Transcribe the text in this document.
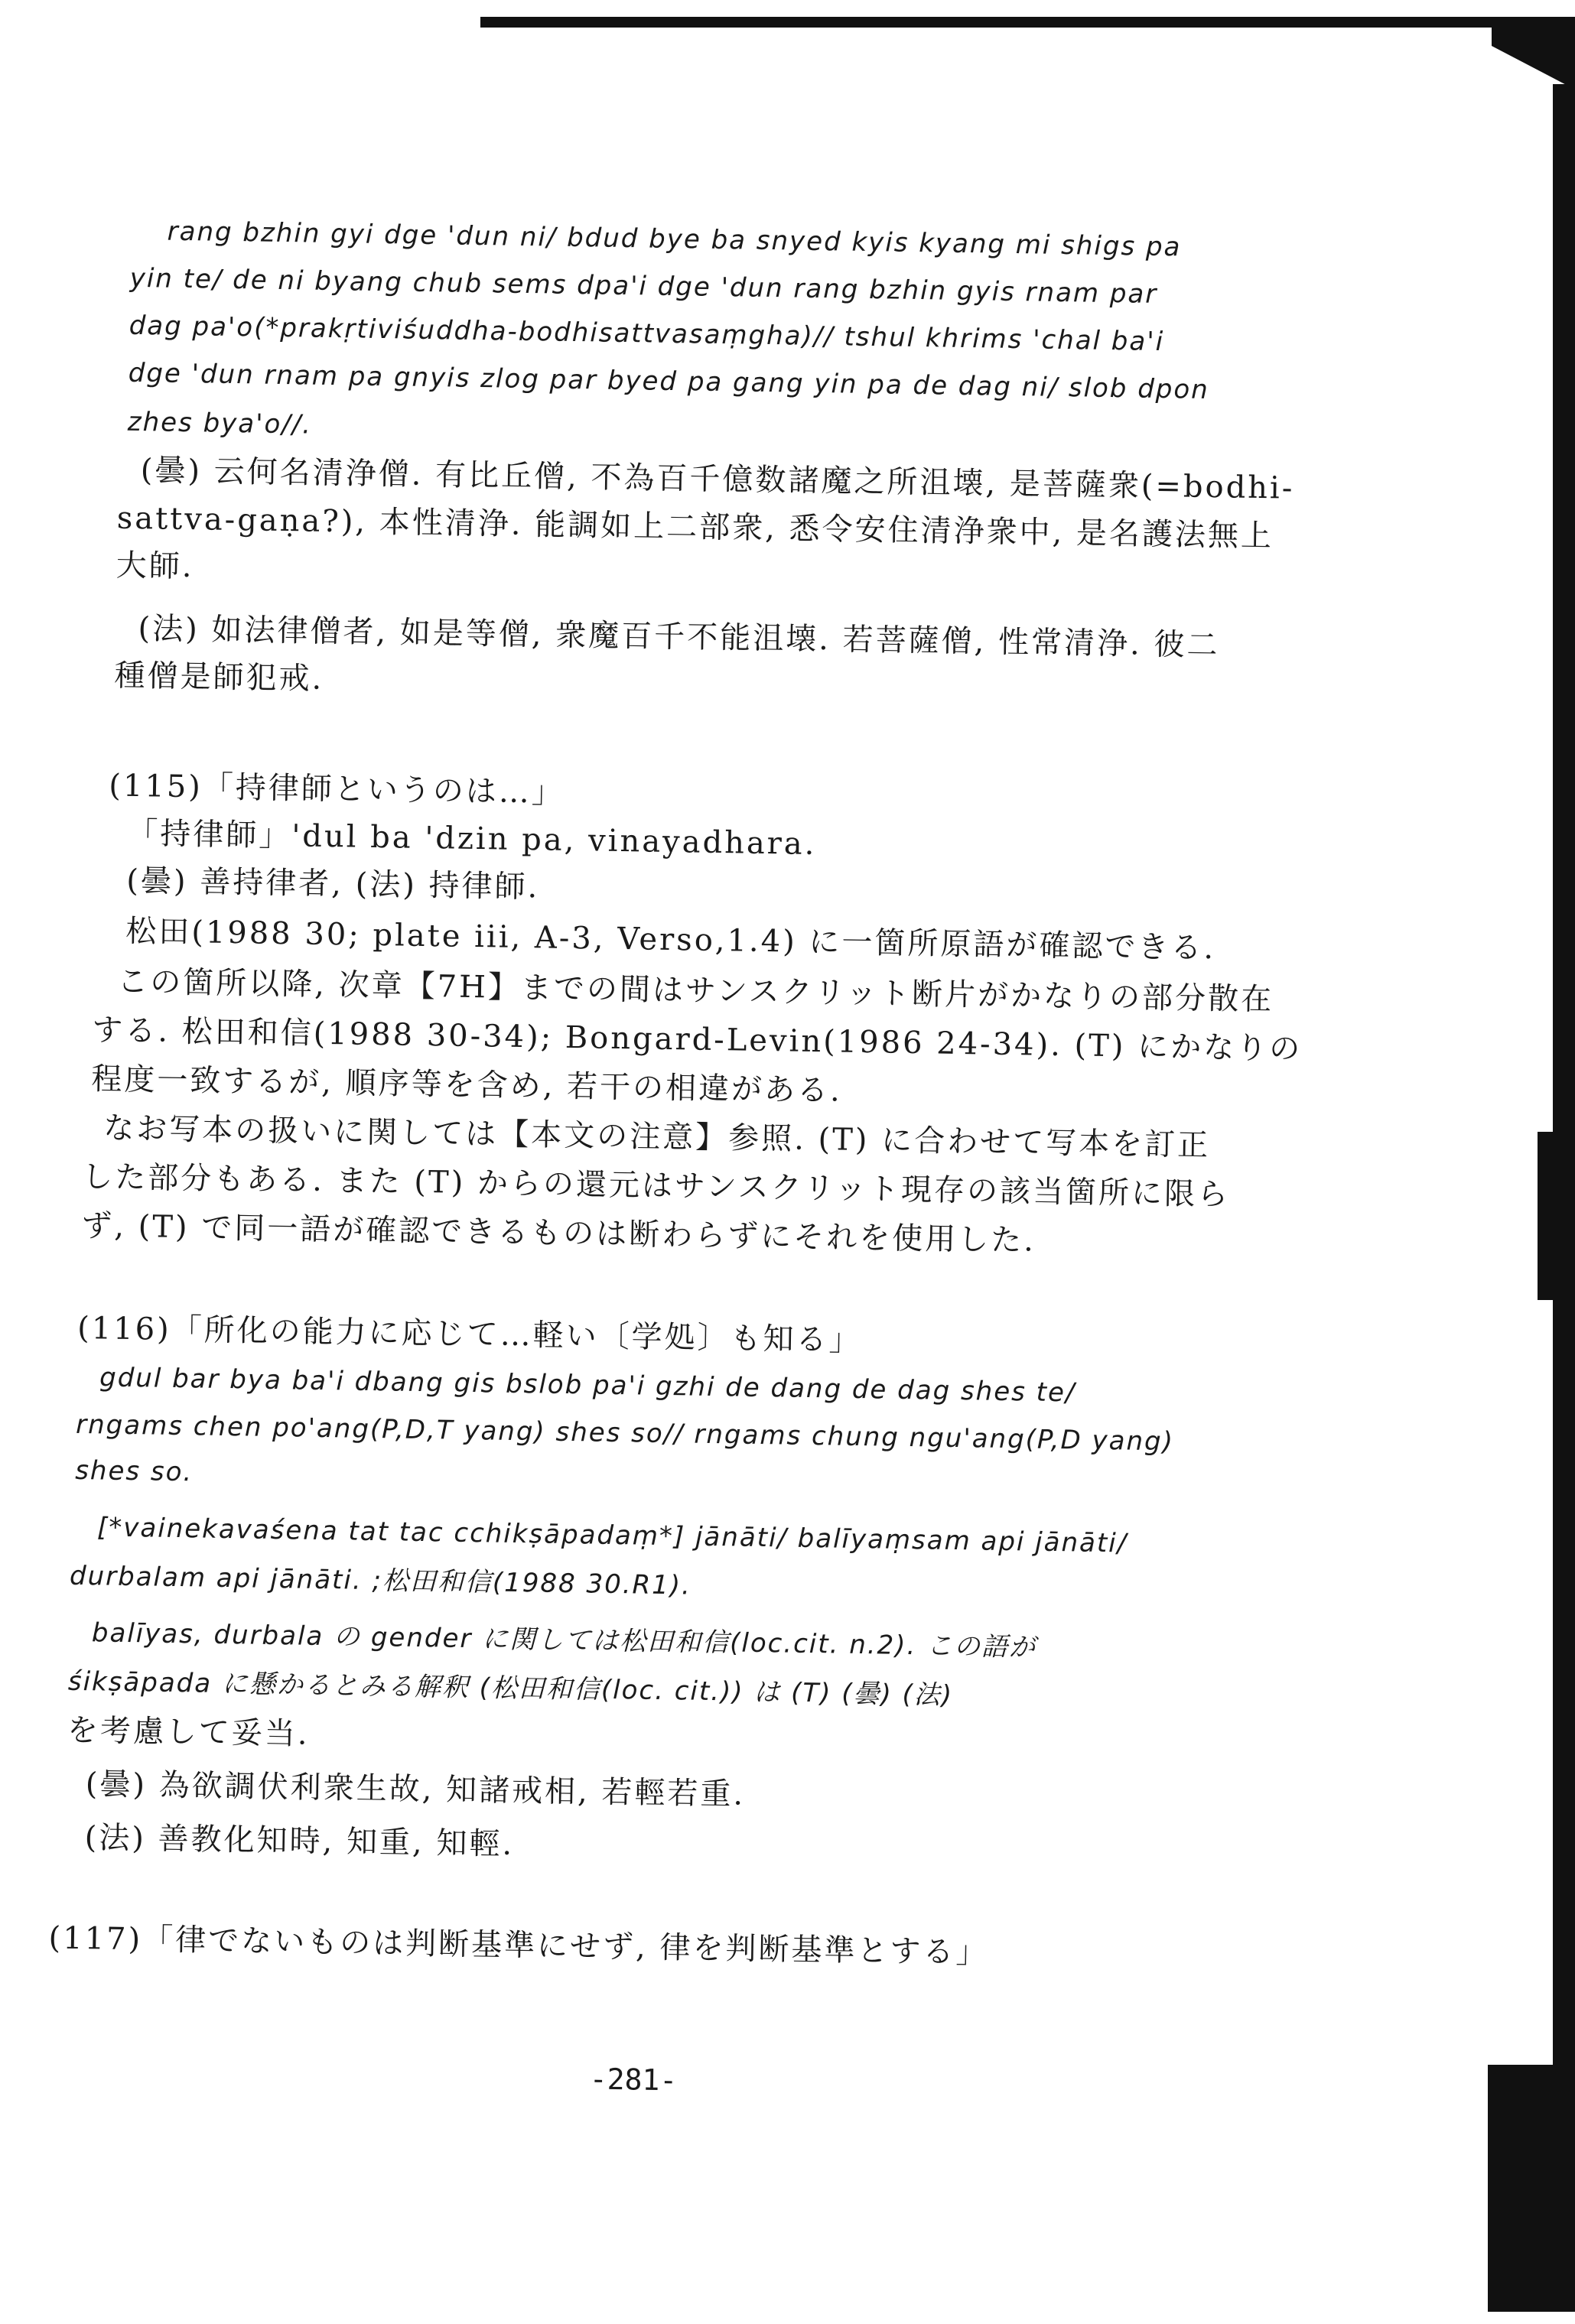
rang bzhin gyi dge 'dun ni/ bdud bye ba snyed kyis kyang mi shigs pa
yin te/ de ni byang chub sems dpa'i dge 'dun rang bzhin gyis rnam par
dag pa'o(*prakṛtiviśuddha-bodhisattvasaṃgha)// tshul khrims 'chal ba'i
dge 'dun rnam pa gnyis zlog par byed pa gang yin pa de dag ni/ slob dpon
zhes bya'o//.
(曇) 云何名清浄僧. 有比丘僧, 不為百千億数諸魔之所沮壊, 是菩薩衆(=bodhi-
sattva-gaṇa?), 本性清浄. 能調如上二部衆, 悉令安住清浄衆中, 是名護法無上
大師.
(法) 如法律僧者, 如是等僧, 衆魔百千不能沮壊. 若菩薩僧, 性常清浄. 彼二
種僧是師犯戒.
(115)「持律師というのは…」
「持律師」'dul ba 'dzin pa, vinayadhara.
(曇) 善持律者, (法) 持律師.
松田(1988 30; plate iii, A-3, Verso,1.4) に一箇所原語が確認できる.
この箇所以降, 次章【7H】までの間はサンスクリット断片がかなりの部分散在
する. 松田和信(1988 30-34); Bongard-Levin(1986 24-34). (T) にかなりの
程度一致するが, 順序等を含め, 若干の相違がある.
なお写本の扱いに関しては【本文の注意】参照. (T) に合わせて写本を訂正
した部分もある. また (T) からの還元はサンスクリット現存の該当箇所に限ら
ず, (T) で同一語が確認できるものは断わらずにそれを使用した.
(116)「所化の能力に応じて…軽い〔学処〕も知る」
gdul bar bya ba'i dbang gis bslob pa'i gzhi de dang de dag shes te/
rngams chen po'ang(P,D,T yang) shes so// rngams chung ngu'ang(P,D yang)
shes so.
[*vainekavaśena tat tac cchikṣāpadaṃ*] jānāti/ balīyaṃsam api jānāti/
durbalam api jānāti. ;松田和信(1988 30.R1).
balīyas, durbala の gender に関しては松田和信(loc.cit. n.2). この語が
śikṣāpada に懸かるとみる解釈 (松田和信(loc. cit.)) は (T) (曇) (法)
を考慮して妥当.
(曇) 為欲調伏利衆生故, 知諸戒相, 若輕若重.
(法) 善教化知時, 知重, 知輕.
(117)「律でないものは判断基準にせず, 律を判断基準とする」
-281-
